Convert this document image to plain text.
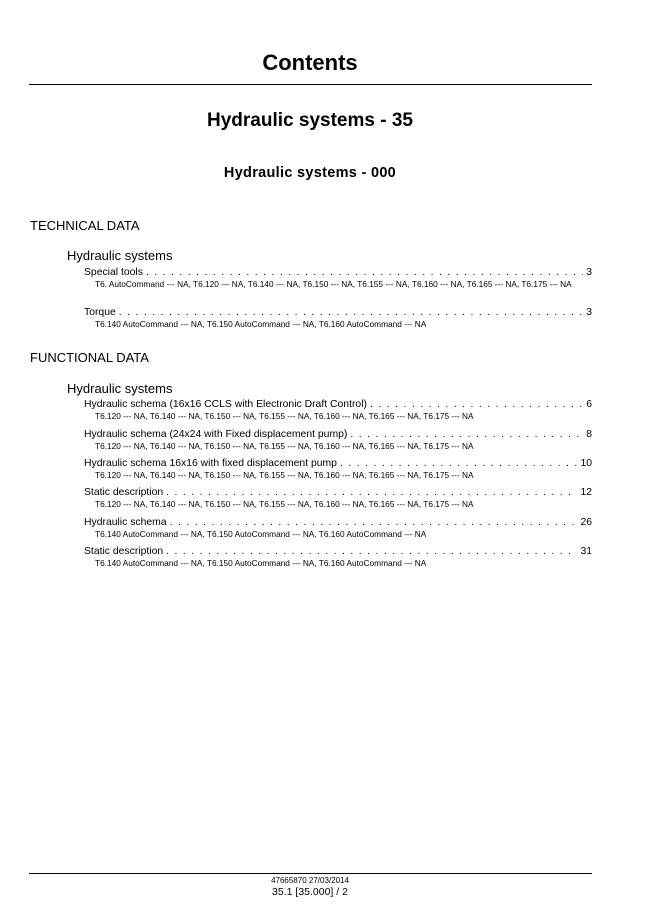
Contents
Hydraulic systems - 35
Hydraulic systems - 000
TECHNICAL DATA
Hydraulic systems
Special tools . . .	3
T6. AutoCommand --- NA, T6.120 --- NA, T6.140 --- NA, T6.150 --- NA, T6.155 --- NA, T6.160 --- NA, T6.165 --- NA, T6.175 --- NA
Torque . . .	3
T6.140 AutoCommand --- NA, T6.150 AutoCommand --- NA, T6.160 AutoCommand --- NA
FUNCTIONAL DATA
Hydraulic systems
Hydraulic schema (16x16 CCLS with Electronic Draft Control) . . .	6
T6.120 --- NA, T6.140 --- NA, T6.150 --- NA, T6.155 --- NA, T6.160 --- NA, T6.165 --- NA, T6.175 --- NA
Hydraulic schema (24x24 with Fixed displacement pump) . . .	8
T6.120 --- NA, T6.140 --- NA, T6.150 --- NA, T6.155 --- NA, T6.160 --- NA, T6.165 --- NA, T6.175 --- NA
Hydraulic schema 16x16 with fixed displacement pump . . .	10
T6.120 --- NA, T6.140 --- NA, T6.150 --- NA, T6.155 --- NA, T6.160 --- NA, T6.165 --- NA, T6.175 --- NA
Static description . . .	12
T6.120 --- NA, T6.140 --- NA, T6.150 --- NA, T6.155 --- NA, T6.160 --- NA, T6.165 --- NA, T6.175 --- NA
Hydraulic schema . . .	26
T6.140 AutoCommand --- NA, T6.150 AutoCommand --- NA, T6.160 AutoCommand --- NA
Static description . . .	31
T6.140 AutoCommand --- NA, T6.150 AutoCommand --- NA, T6.160 AutoCommand --- NA
47665870 27/03/2014
35.1 [35.000] / 2
